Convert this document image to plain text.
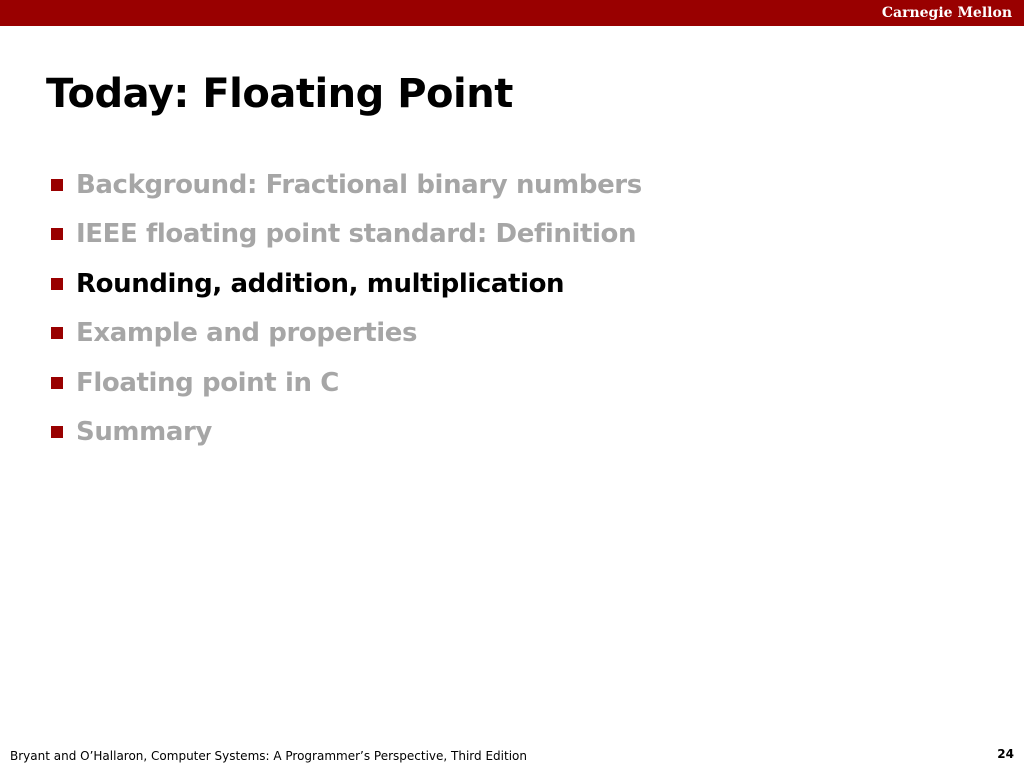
Carnegie Mellon
Today: Floating Point
Background: Fractional binary numbers
IEEE floating point standard: Definition
Rounding, addition, multiplication
Example and properties
Floating point in C
Summary
Bryant and O’Hallaron, Computer Systems: A Programmer’s Perspective, Third Edition	24
